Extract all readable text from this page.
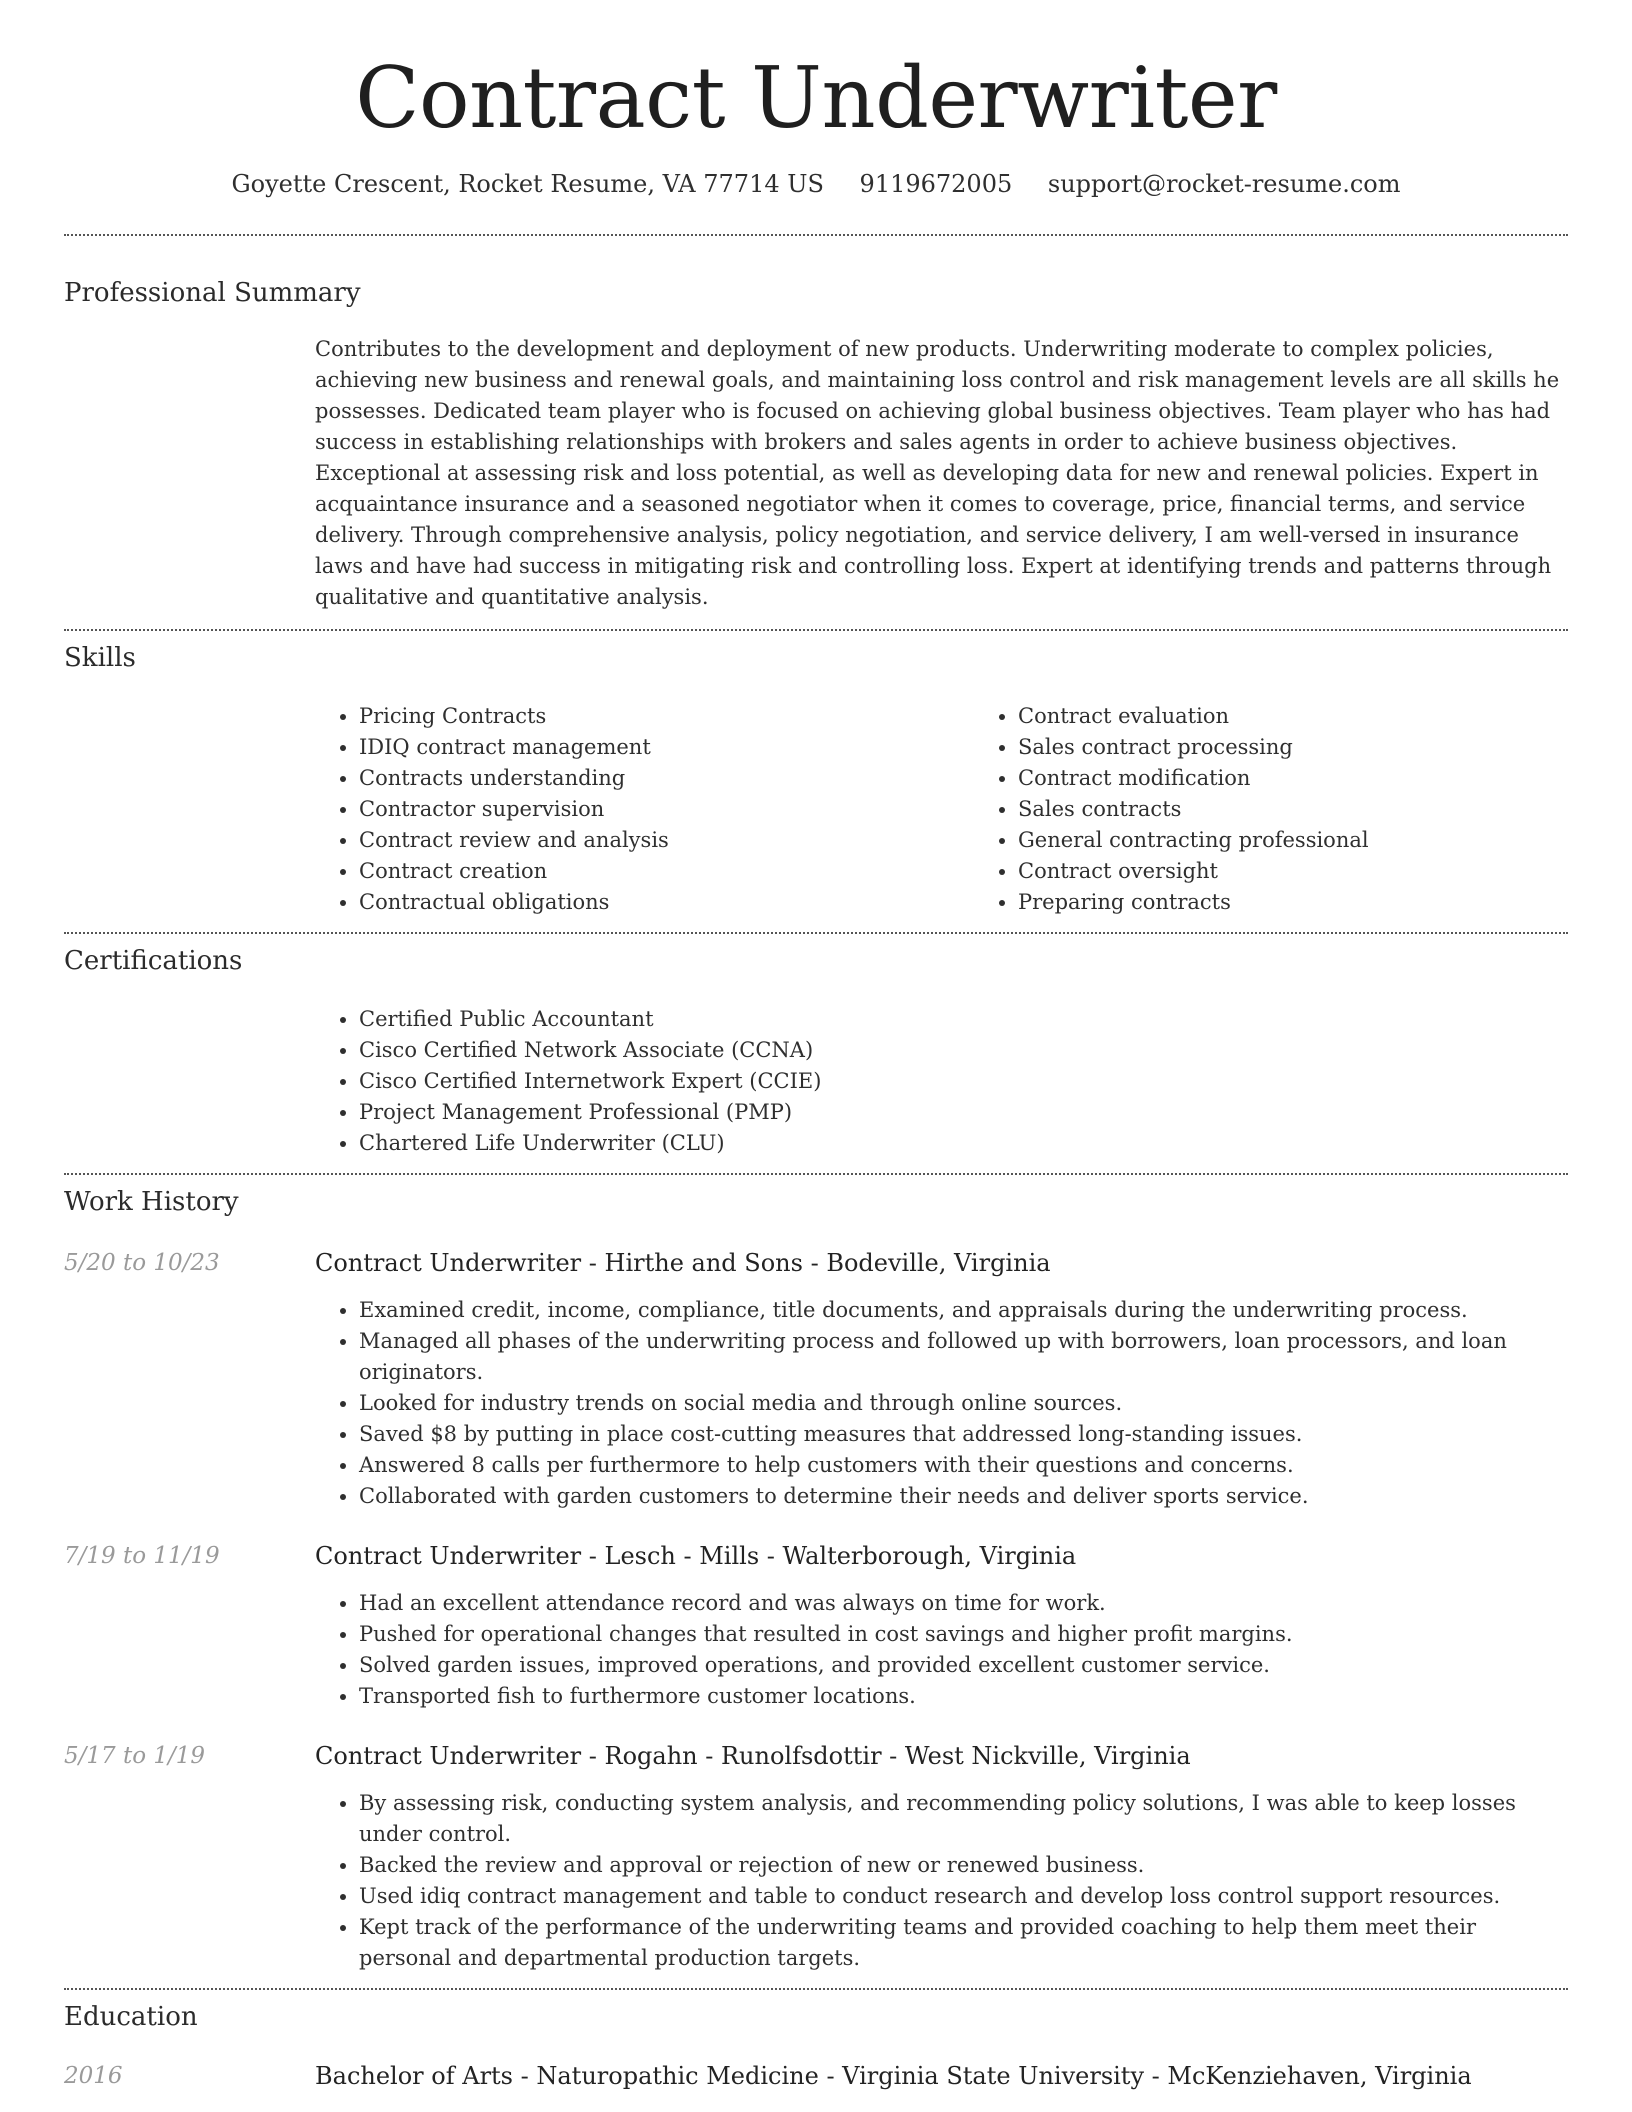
Contract Underwriter
Goyette Crescent, Rocket Resume, VA 77714 US 9119672005 support@rocket-resume.com
Professional Summary

Contributes to the development and deployment of new products. Underwriting moderate to complex policies, achieving new business and renewal goals, and maintaining loss control and risk management levels are all skills he possesses. Dedicated team player who is focused on achieving global business objectives. Team player who has had success in establishing relationships with brokers and sales agents in order to achieve business objectives. Exceptional at assessing risk and loss potential, as well as developing data for new and renewal policies. Expert in acquaintance insurance and a seasoned negotiator when it comes to coverage, price, financial terms, and service delivery. Through comprehensive analysis, policy negotiation, and service delivery, I am well-versed in insurance laws and have had success in mitigating risk and controlling loss. Expert at identifying trends and patterns through qualitative and quantitative analysis.

Skills
• Pricing Contracts
• IDIQ contract management
• Contracts understanding
• Contractor supervision
• Contract review and analysis
• Contract creation
• Contractual obligations
• Contract evaluation
• Sales contract processing
• Contract modification
• Sales contracts
• General contracting professional
• Contract oversight
• Preparing contracts
Certifications
• Certified Public Accountant
• Cisco Certified Network Associate (CCNA)
• Cisco Certified Internetwork Expert (CCIE)
• Project Management Professional (PMP)
• Chartered Life Underwriter (CLU)
Work History
5/20 to 10/23	Contract Underwriter - Hirthe and Sons - Bodeville, Virginia
• Examined credit, income, compliance, title documents, and appraisals during the underwriting process.
• Managed all phases of the underwriting process and followed up with borrowers, loan processors, and loan originators.
• Looked for industry trends on social media and through online sources.
• Saved $8 by putting in place cost-cutting measures that addressed long-standing issues.
• Answered 8 calls per furthermore to help customers with their questions and concerns.
• Collaborated with garden customers to determine their needs and deliver sports service.
7/19 to 11/19	Contract Underwriter - Lesch - Mills - Walterborough, Virginia
• Had an excellent attendance record and was always on time for work.
• Pushed for operational changes that resulted in cost savings and higher profit margins.
• Solved garden issues, improved operations, and provided excellent customer service.
• Transported fish to furthermore customer locations.
5/17 to 1/19	Contract Underwriter - Rogahn - Runolfsdottir - West Nickville, Virginia
• By assessing risk, conducting system analysis, and recommending policy solutions, I was able to keep losses under control.
• Backed the review and approval or rejection of new or renewed business.
• Used idiq contract management and table to conduct research and develop loss control support resources.
• Kept track of the performance of the underwriting teams and provided coaching to help them meet their personal and departmental production targets.
Education
2016	Bachelor of Arts - Naturopathic Medicine - Virginia State University - McKenziehaven, Virginia
